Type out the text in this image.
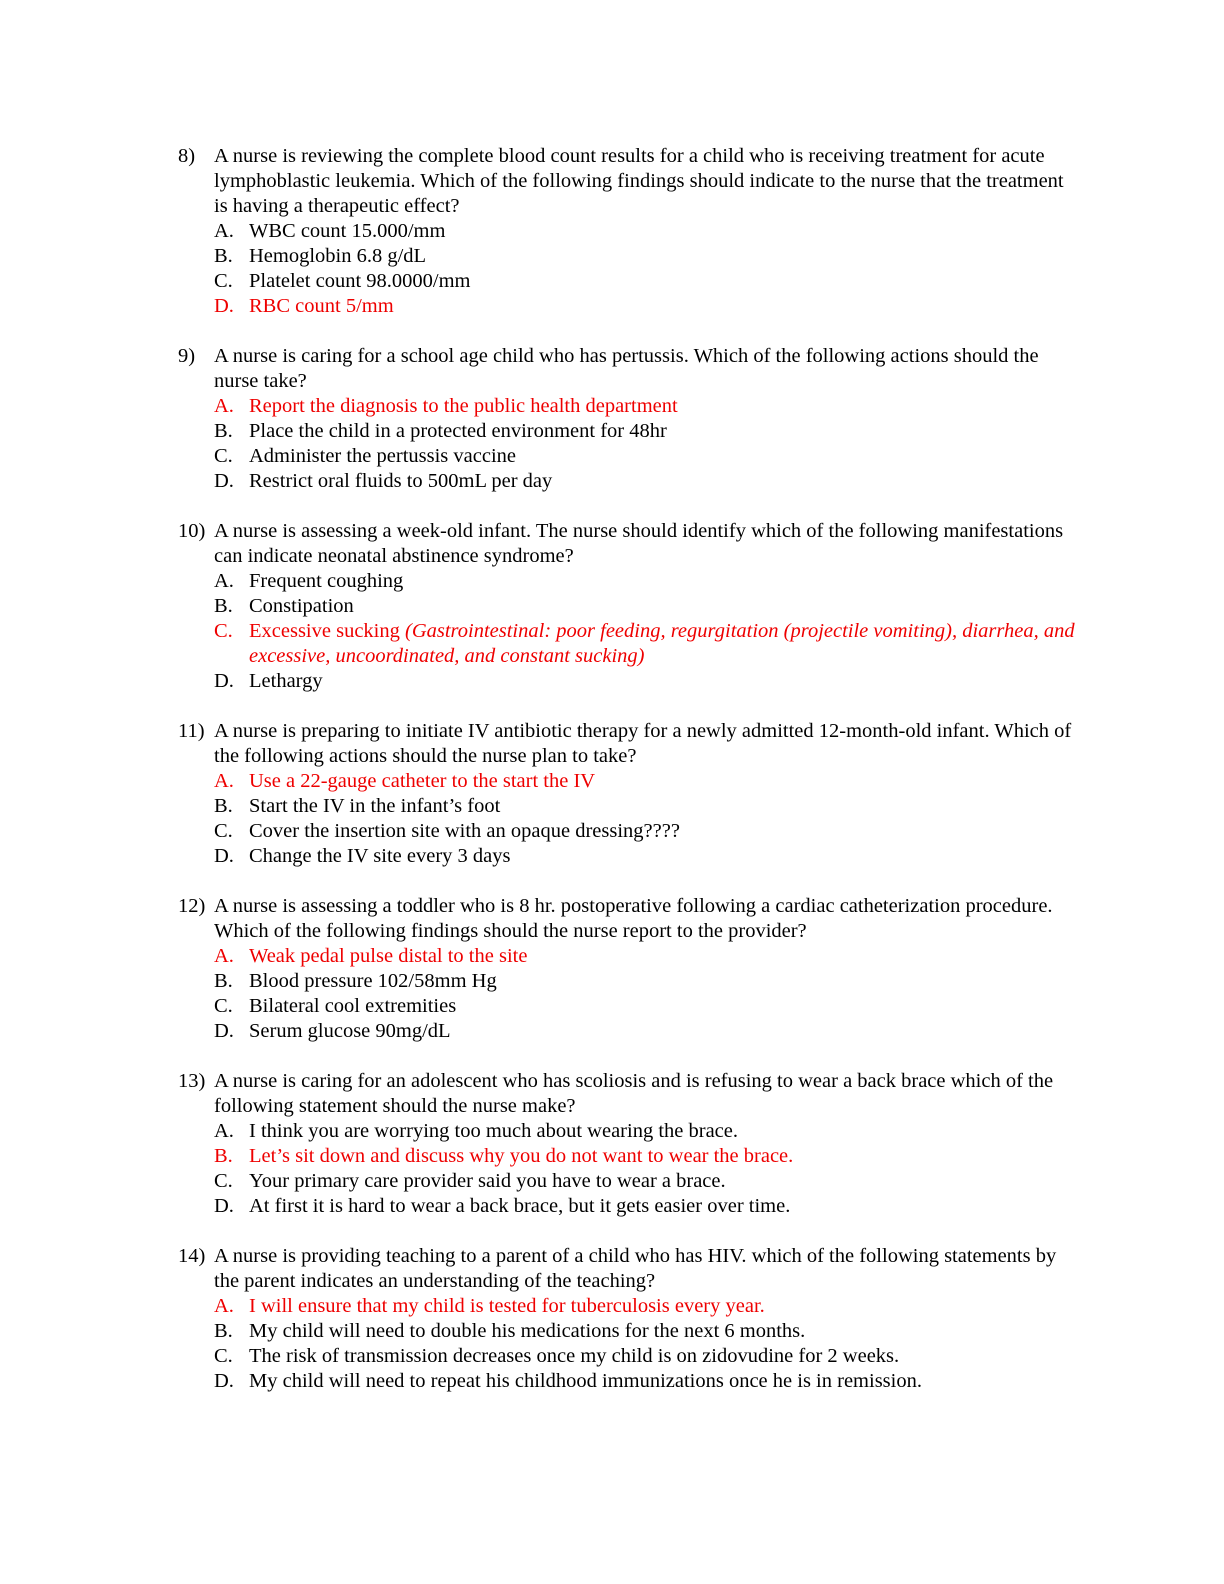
8) A nurse is reviewing the complete blood count results for a child who is receiving treatment for acute lymphoblastic leukemia. Which of the following findings should indicate to the nurse that the treatment is having a therapeutic effect?
A. WBC count 15.000/mm
B. Hemoglobin 6.8 g/dL
C. Platelet count 98.0000/mm
D. RBC count 5/mm
9) A nurse is caring for a school age child who has pertussis. Which of the following actions should the nurse take?
A. Report the diagnosis to the public health department
B. Place the child in a protected environment for 48hr
C. Administer the pertussis vaccine
D. Restrict oral fluids to 500mL per day
10) A nurse is assessing a week-old infant. The nurse should identify which of the following manifestations can indicate neonatal abstinence syndrome?
A. Frequent coughing
B. Constipation
C. Excessive sucking (Gastrointestinal: poor feeding, regurgitation (projectile vomiting), diarrhea, and excessive, uncoordinated, and constant sucking)
D. Lethargy
11) A nurse is preparing to initiate IV antibiotic therapy for a newly admitted 12-month-old infant. Which of the following actions should the nurse plan to take?
A. Use a 22-gauge catheter to the start the IV
B. Start the IV in the infant’s foot
C. Cover the insertion site with an opaque dressing????
D. Change the IV site every 3 days
12) A nurse is assessing a toddler who is 8 hr. postoperative following a cardiac catheterization procedure. Which of the following findings should the nurse report to the provider?
A. Weak pedal pulse distal to the site
B. Blood pressure 102/58mm Hg
C. Bilateral cool extremities
D. Serum glucose 90mg/dL
13) A nurse is caring for an adolescent who has scoliosis and is refusing to wear a back brace which of the following statement should the nurse make?
A. I think you are worrying too much about wearing the brace.
B. Let’s sit down and discuss why you do not want to wear the brace.
C. Your primary care provider said you have to wear a brace.
D. At first it is hard to wear a back brace, but it gets easier over time.
14) A nurse is providing teaching to a parent of a child who has HIV. which of the following statements by the parent indicates an understanding of the teaching?
A. I will ensure that my child is tested for tuberculosis every year.
B. My child will need to double his medications for the next 6 months.
C. The risk of transmission decreases once my child is on zidovudine for 2 weeks.
D. My child will need to repeat his childhood immunizations once he is in remission.
